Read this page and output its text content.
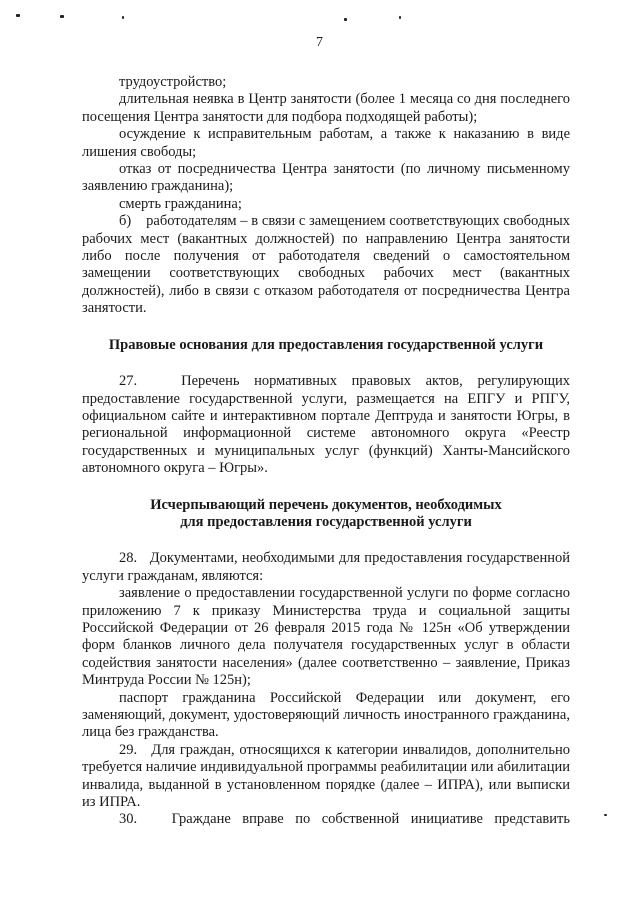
7

трудоустройство;

длительная неявка в Центр занятости (более 1 месяца со дня последнего посещения Центра занятости для подбора подходящей работы);

осуждение к исправительным работам, а также к наказанию в виде лишения свободы;

отказ от посредничества Центра занятости (по личному письменному заявлению гражданина);

смерть гражданина;

б)    работодателям – в связи с замещением соответствующих свободных рабочих мест (вакантных должностей) по направлению Центра занятости либо после получения от работодателя сведений о самостоятельном замещении соответствующих свободных рабочих мест (вакантных должностей), либо в связи с отказом работодателя от посредничества Центра занятости.

Правовые основания для предоставления государственной услуги

27.   Перечень нормативных правовых актов, регулирующих предоставление государственной услуги, размещается на ЕПГУ и РПГУ, официальном сайте и интерактивном портале Дептруда и занятости Югры, в региональной информационной системе автономного округа «Реестр государственных и муниципальных услуг (функций) Ханты-Мансийского автономного округа – Югры».

Исчерпывающий перечень документов, необходимых
для предоставления государственной услуги

28.   Документами, необходимыми для предоставления государственной услуги гражданам, являются:

заявление о предоставлении государственной услуги по форме согласно приложению 7 к приказу Министерства труда и социальной защиты Российской Федерации от 26 февраля 2015 года № 125н «Об утверждении форм бланков личного дела получателя государственных услуг в области содействия занятости населения» (далее соответственно – заявление, Приказ Минтруда России № 125н);

паспорт гражданина Российской Федерации или документ, его заменяющий, документ, удостоверяющий личность иностранного гражданина, лица без гражданства.

29.   Для граждан, относящихся к категории инвалидов, дополнительно требуется наличие индивидуальной программы реабилитации или абилитации инвалида, выданной в установленном порядке (далее – ИПРА), или выписки из ИПРА.

30.   Граждане вправе по собственной инициативе представить
